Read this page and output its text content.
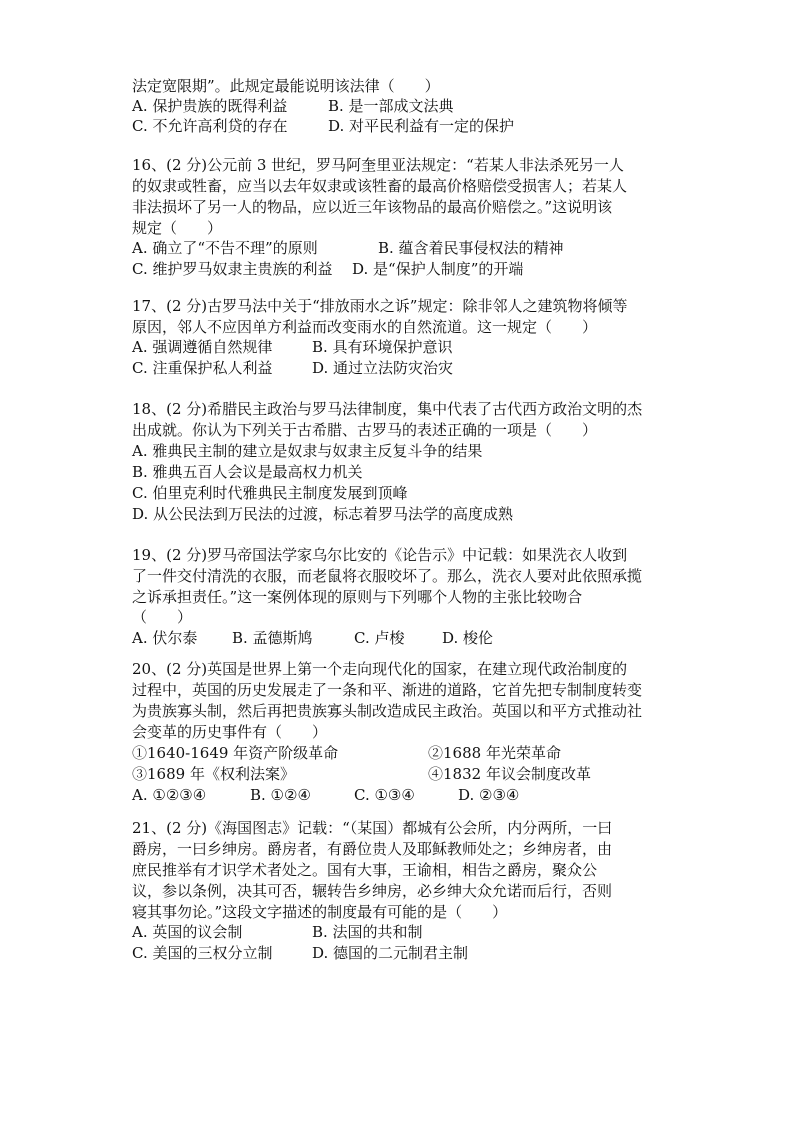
法定宽限期”。此规定最能说明该法律（　　）

A. 保护贵族的既得利益

	B. 是一部成文法典

C. 不允许高利贷的存在

	D. 对平民利益有一定的保护

16、(2 分)公元前 3 世纪，罗马阿奎里亚法规定：“若某人非法杀死另一人
的奴隶或牲畜，应当以去年奴隶或该牲畜的最高价格赔偿受损害人；若某人
非法损坏了另一人的物品，应以近三年该物品的最高价赔偿之。”这说明该
规定（　　）

A. 确立了“不告不理”的原则

	B. 蕴含着民事侵权法的精神

C. 维护罗马奴隶主贵族的利益

D. 是“保护人制度”的开端

17、(2 分)古罗马法中关于“排放雨水之诉”规定：除非邻人之建筑物将倾等
原因，邻人不应因单方利益而改变雨水的自然流道。这一规定（　　）

A. 强调遵循自然规律

	B. 具有环境保护意识

C. 注重保护私人利益

	D. 通过立法防灾治灾

18、(2 分)希腊民主政治与罗马法律制度，集中代表了古代西方政治文明的杰
出成就。你认为下列关于古希腊、古罗马的表述正确的一项是（　　）

A. 雅典民主制的建立是奴隶与奴隶主反复斗争的结果

B. 雅典五百人会议是最高权力机关

C. 伯里克利时代雅典民主制度发展到顶峰

D. 从公民法到万民法的过渡，标志着罗马法学的高度成熟

19、(2 分)罗马帝国法学家乌尔比安的《论告示》中记载：如果洗衣人收到
了一件交付清洗的衣服，而老鼠将衣服咬坏了。那么，洗衣人要对此依照承揽
之诉承担责任。”这一案例体现的原则与下列哪个人物的主张比较吻合
（　　）

A. 伏尔泰

B. 孟德斯鸠

	C. 卢梭

	D. 梭伦

20、(2 分)英国是世界上第一个走向现代化的国家，在建立现代政治制度的
过程中，英国的历史发展走了一条和平、渐进的道路，它首先把专制制度转变
为贵族寡头制，然后再把贵族寡头制改造成民主政治。英国以和平方式推动社
会变革的历史事件有（　　）

①1640-1649 年资产阶级革命

	②1688 年光荣革命

③1689 年《权利法案》

	④1832 年议会制度改革

A. ①②③④

	B. ①②④

	C. ①③④

	D. ②③④

21、(2 分)《海国图志》记载：“（某国）都城有公会所，内分两所，一曰
爵房，一曰乡绅房。爵房者，有爵位贵人及耶稣教师处之；乡绅房者，由
庶民推举有才识学术者处之。国有大事，王谕相，相告之爵房，聚众公
议，参以条例，决其可否，辗转告乡绅房，必乡绅大众允诺而后行，否则
寝其事勿论。”这段文字描述的制度最有可能的是（　　）

A. 英国的议会制

	B. 法国的共和制

C. 美国的三权分立制

	D. 德国的二元制君主制
